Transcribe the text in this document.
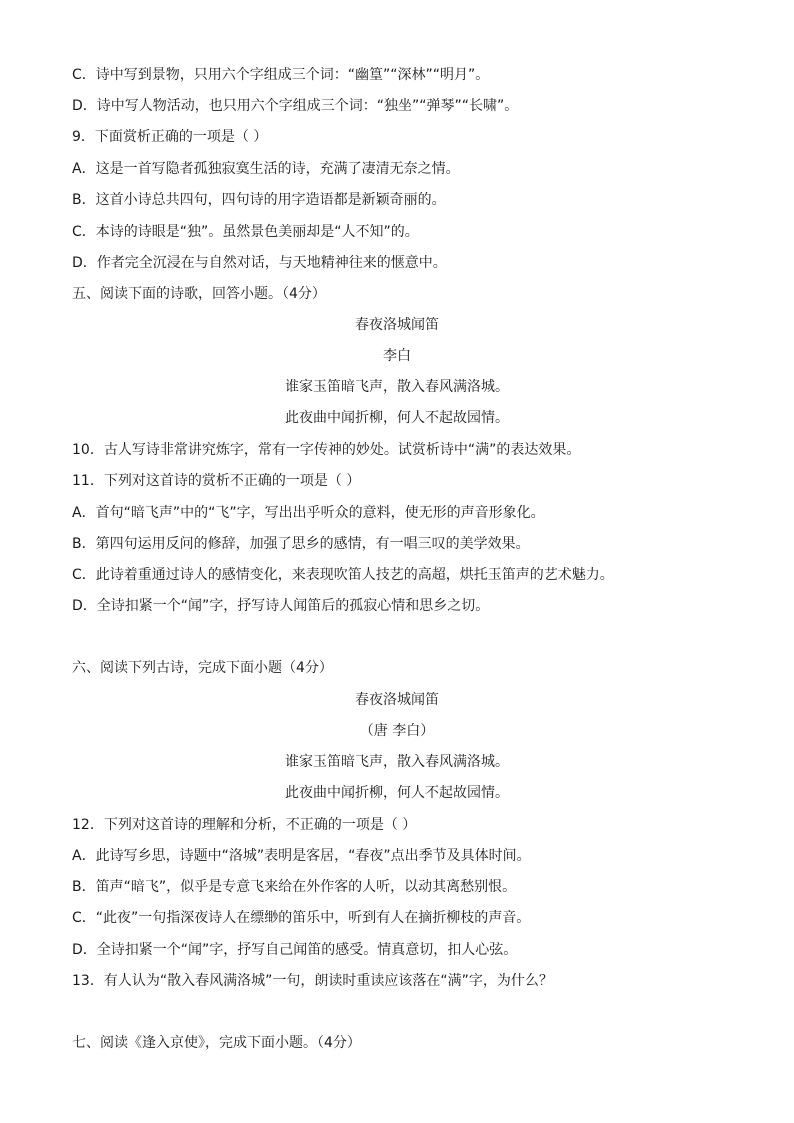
C．诗中写到景物，只用六个字组成三个词：“幽篁”“深林”“明月”。
D．诗中写人物活动，也只用六个字组成三个词：“独坐”“弹琴”“长啸”。
9．下面赏析正确的一项是（ ）
A．这是一首写隐者孤独寂寞生活的诗，充满了凄清无奈之情。
B．这首小诗总共四句，四句诗的用字造语都是新颖奇丽的。
C．本诗的诗眼是“独”。虽然景色美丽却是“人不知”的。
D．作者完全沉浸在与自然对话，与天地精神往来的惬意中。
五、阅读下面的诗歌，回答小题。（4分）
春夜洛城闻笛
李白
谁家玉笛暗飞声，散入春风满洛城。
此夜曲中闻折柳，何人不起故园情。
10．古人写诗非常讲究炼字，常有一字传神的妙处。试赏析诗中“满”的表达效果。
11．下列对这首诗的赏析不正确的一项是（ ）
A．首句“暗飞声”中的“飞”字，写出出乎听众的意料，使无形的声音形象化。
B．第四句运用反问的修辞，加强了思乡的感情，有一唱三叹的美学效果。
C．此诗着重通过诗人的感情变化，来表现吹笛人技艺的高超，烘托玉笛声的艺术魅力。
D．全诗扣紧一个“闻”字，抒写诗人闻笛后的孤寂心情和思乡之切。
六、阅读下列古诗，完成下面小题（4分）
春夜洛城闻笛
（唐 李白）
谁家玉笛暗飞声，散入春风满洛城。
此夜曲中闻折柳，何人不起故园情。
12．下列对这首诗的理解和分析，不正确的一项是（ ）
A．此诗写乡思，诗题中“洛城”表明是客居，“春夜”点出季节及具体时间。
B．笛声“暗飞”，似乎是专意飞来给在外作客的人听，以动其离愁别恨。
C．“此夜”一句指深夜诗人在缥缈的笛乐中，听到有人在摘折柳枝的声音。
D．全诗扣紧一个“闻”字，抒写自己闻笛的感受。情真意切，扣人心弦。
13．有人认为“散入春风满洛城”一句，朗读时重读应该落在“满”字，为什么？
七、阅读《逢入京使》，完成下面小题。（4分）
